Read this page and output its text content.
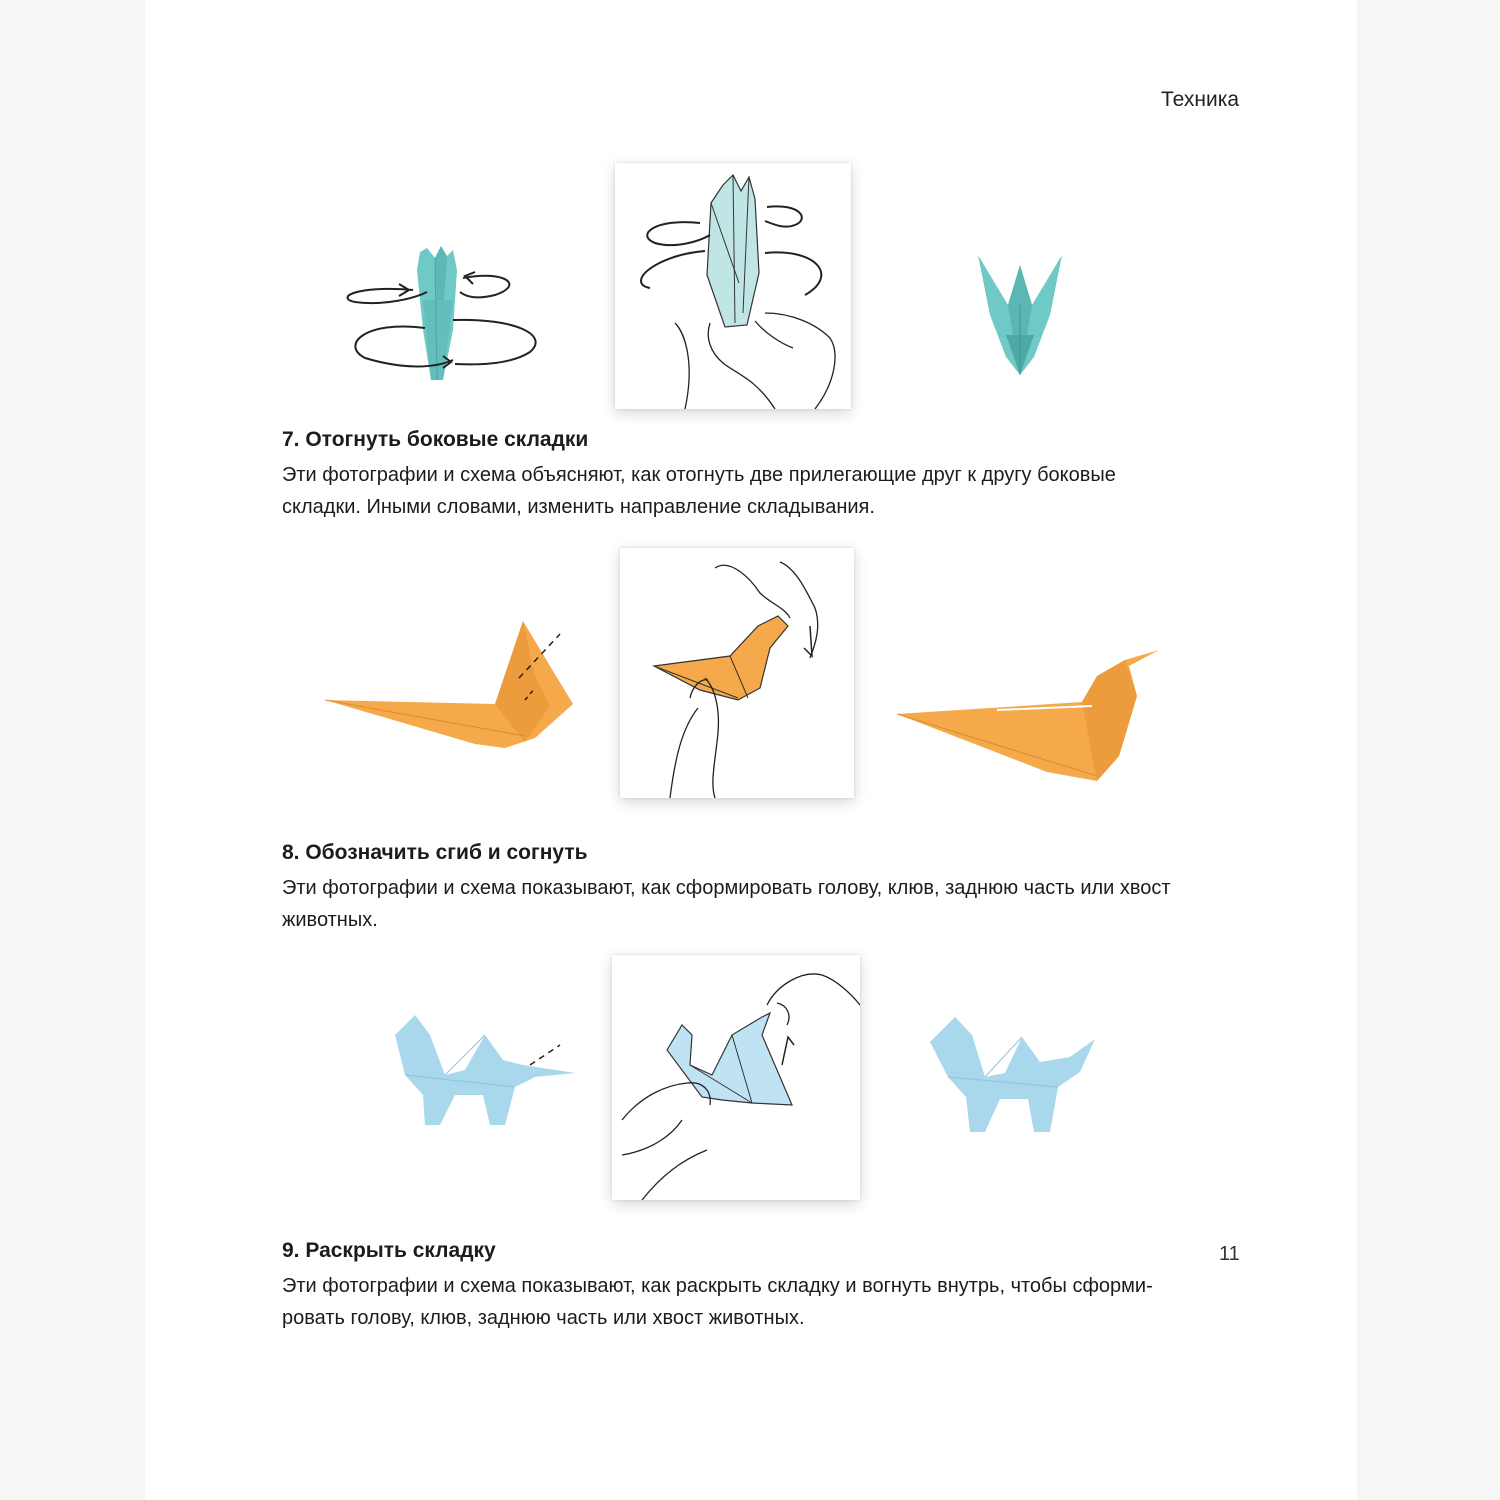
Техника
7. Отогнуть боковые складки

Эти фотографии и схема объясняют, как отогнуть две прилегающие друг к другу боковые

складки. Иными словами, изменить направление складывания.

8. Обозначить сгиб и согнуть

Эти фотографии и схема показывают, как сформировать голову, клюв, заднюю часть или хвост

животных.

9. Раскрыть складку

Эти фотографии и схема показывают, как раскрыть складку и вогнуть внутрь, чтобы сформи-

ровать голову, клюв, заднюю часть или хвост животных.

11
